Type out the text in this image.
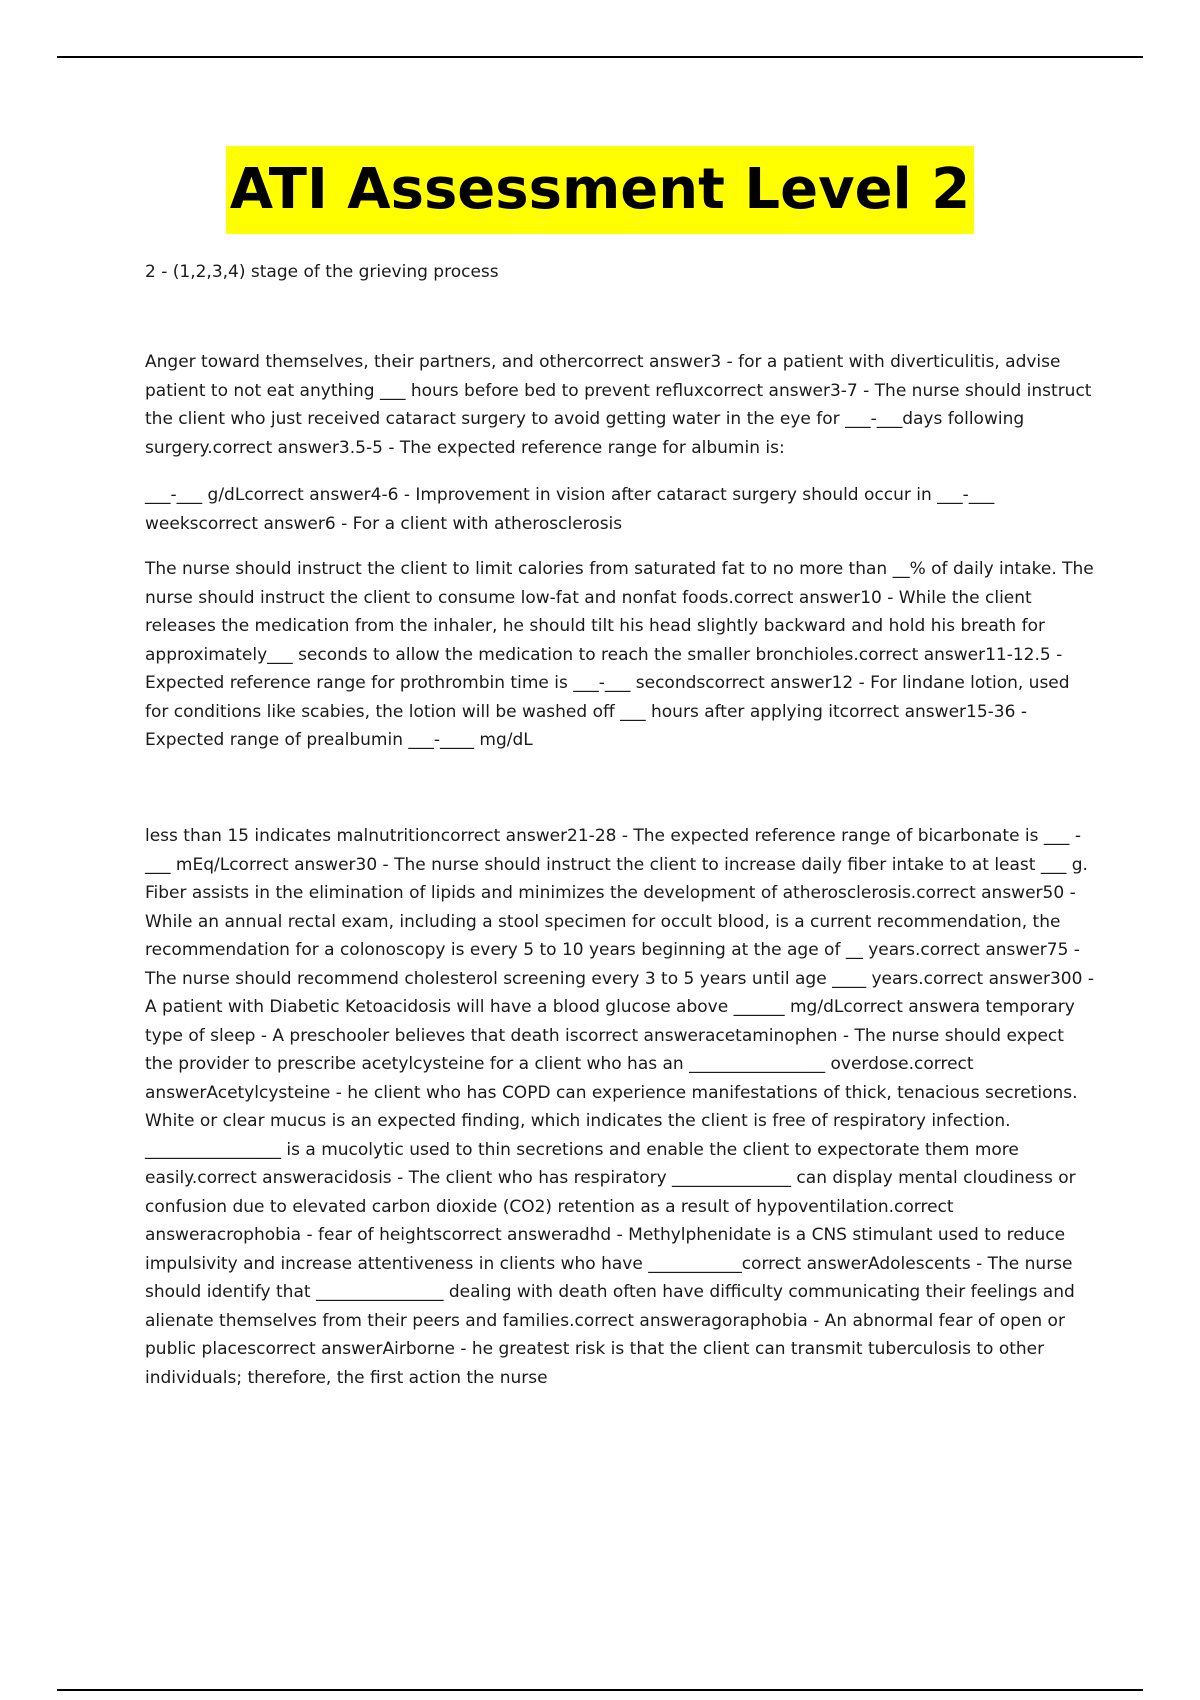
ATI Assessment Level 2

2 - (1,2,3,4) stage of the grieving process

Anger toward themselves, their partners, and othercorrect answer3 - for a patient with diverticulitis, advise patient to not eat anything ___ hours before bed to prevent refluxcorrect answer3-7 - The nurse should instruct the client who just received cataract surgery to avoid getting water in the eye for ___-___days following surgery.correct answer3.5-5 - The expected reference range for albumin is:

___-___ g/dLcorrect answer4-6 - Improvement in vision after cataract surgery should occur in ___-___ weekscorrect answer6 - For a client with atherosclerosis

The nurse should instruct the client to limit calories from saturated fat to no more than __% of daily intake. The nurse should instruct the client to consume low-fat and nonfat foods.correct answer10 - While the client releases the medication from the inhaler, he should tilt his head slightly backward and hold his breath for approximately___ seconds to allow the medication to reach the smaller bronchioles.correct answer11-12.5 - Expected reference range for prothrombin time is ___-___ secondscorrect answer12 - For lindane lotion, used for conditions like scabies, the lotion will be washed off ___ hours after applying itcorrect answer15-36 - Expected range of prealbumin ___-____ mg/dL

less than 15 indicates malnutritioncorrect answer21-28 - The expected reference range of bicarbonate is ___ -___ mEq/Lcorrect answer30 - The nurse should instruct the client to increase daily fiber intake to at least ___ g. Fiber assists in the elimination of lipids and minimizes the development of atherosclerosis.correct answer50 - While an annual rectal exam, including a stool specimen for occult blood, is a current recommendation, the recommendation for a colonoscopy is every 5 to 10 years beginning at the age of __ years.correct answer75 - The nurse should recommend cholesterol screening every 3 to 5 years until age ____ years.correct answer300 - A patient with Diabetic Ketoacidosis will have a blood glucose above ______ mg/dLcorrect answera temporary type of sleep - A preschooler believes that death iscorrect answeracetaminophen - The nurse should expect the provider to prescribe acetylcysteine for a client who has an ________________ overdose.correct answerAcetylcysteine - he client who has COPD can experience manifestations of thick, tenacious secretions. White or clear mucus is an expected finding, which indicates the client is free of respiratory infection. ________________ is a mucolytic used to thin secretions and enable the client to expectorate them more easily.correct answeracidosis - The client who has respiratory ______________ can display mental cloudiness or confusion due to elevated carbon dioxide (CO2) retention as a result of hypoventilation.correct answeracrophobia - fear of heightscorrect answeradhd - Methylphenidate is a CNS stimulant used to reduce impulsivity and increase attentiveness in clients who have ___________correct answerAdolescents - The nurse should identify that _______________ dealing with death often have difficulty communicating their feelings and alienate themselves from their peers and families.correct answeragoraphobia - An abnormal fear of open or public placescorrect answerAirborne - he greatest risk is that the client can transmit tuberculosis to other individuals; therefore, the first action the nurse
